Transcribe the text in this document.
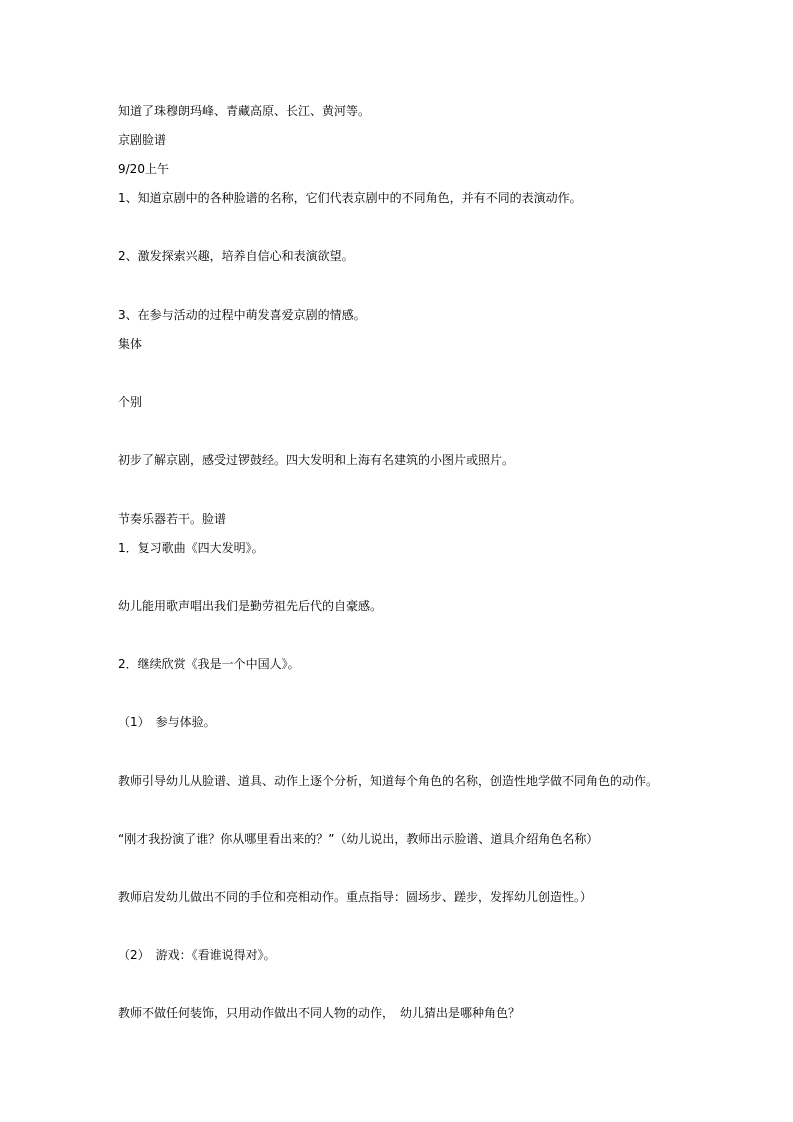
知道了珠穆朗玛峰、青藏高原、长江、黄河等。
京剧脸谱
9/20上午
1、知道京剧中的各种脸谱的名称，它们代表京剧中的不同角色，并有不同的表演动作。
2、激发探索兴趣，培养自信心和表演欲望。
3、在参与活动的过程中萌发喜爱京剧的情感。
集体
个别
初步了解京剧，感受过锣鼓经。四大发明和上海有名建筑的小图片或照片。
节奏乐器若干。脸谱
1．复习歌曲《四大发明》。
幼儿能用歌声唱出我们是勤劳祖先后代的自豪感。
2．继续欣赏《我是一个中国人》。
（1）　参与体验。
教师引导幼儿从脸谱、道具、动作上逐个分析，知道每个角色的名称，创造性地学做不同角色的动作。
“刚才我扮演了谁？你从哪里看出来的？”（幼儿说出，教师出示脸谱、道具介绍角色名称）
教师启发幼儿做出不同的手位和亮相动作。重点指导：圆场步、蹉步，发挥幼儿创造性。）
（2）　游戏：《看谁说得对》。
教师不做任何装饰，只用动作做出不同人物的动作，　幼儿猜出是哪种角色？
